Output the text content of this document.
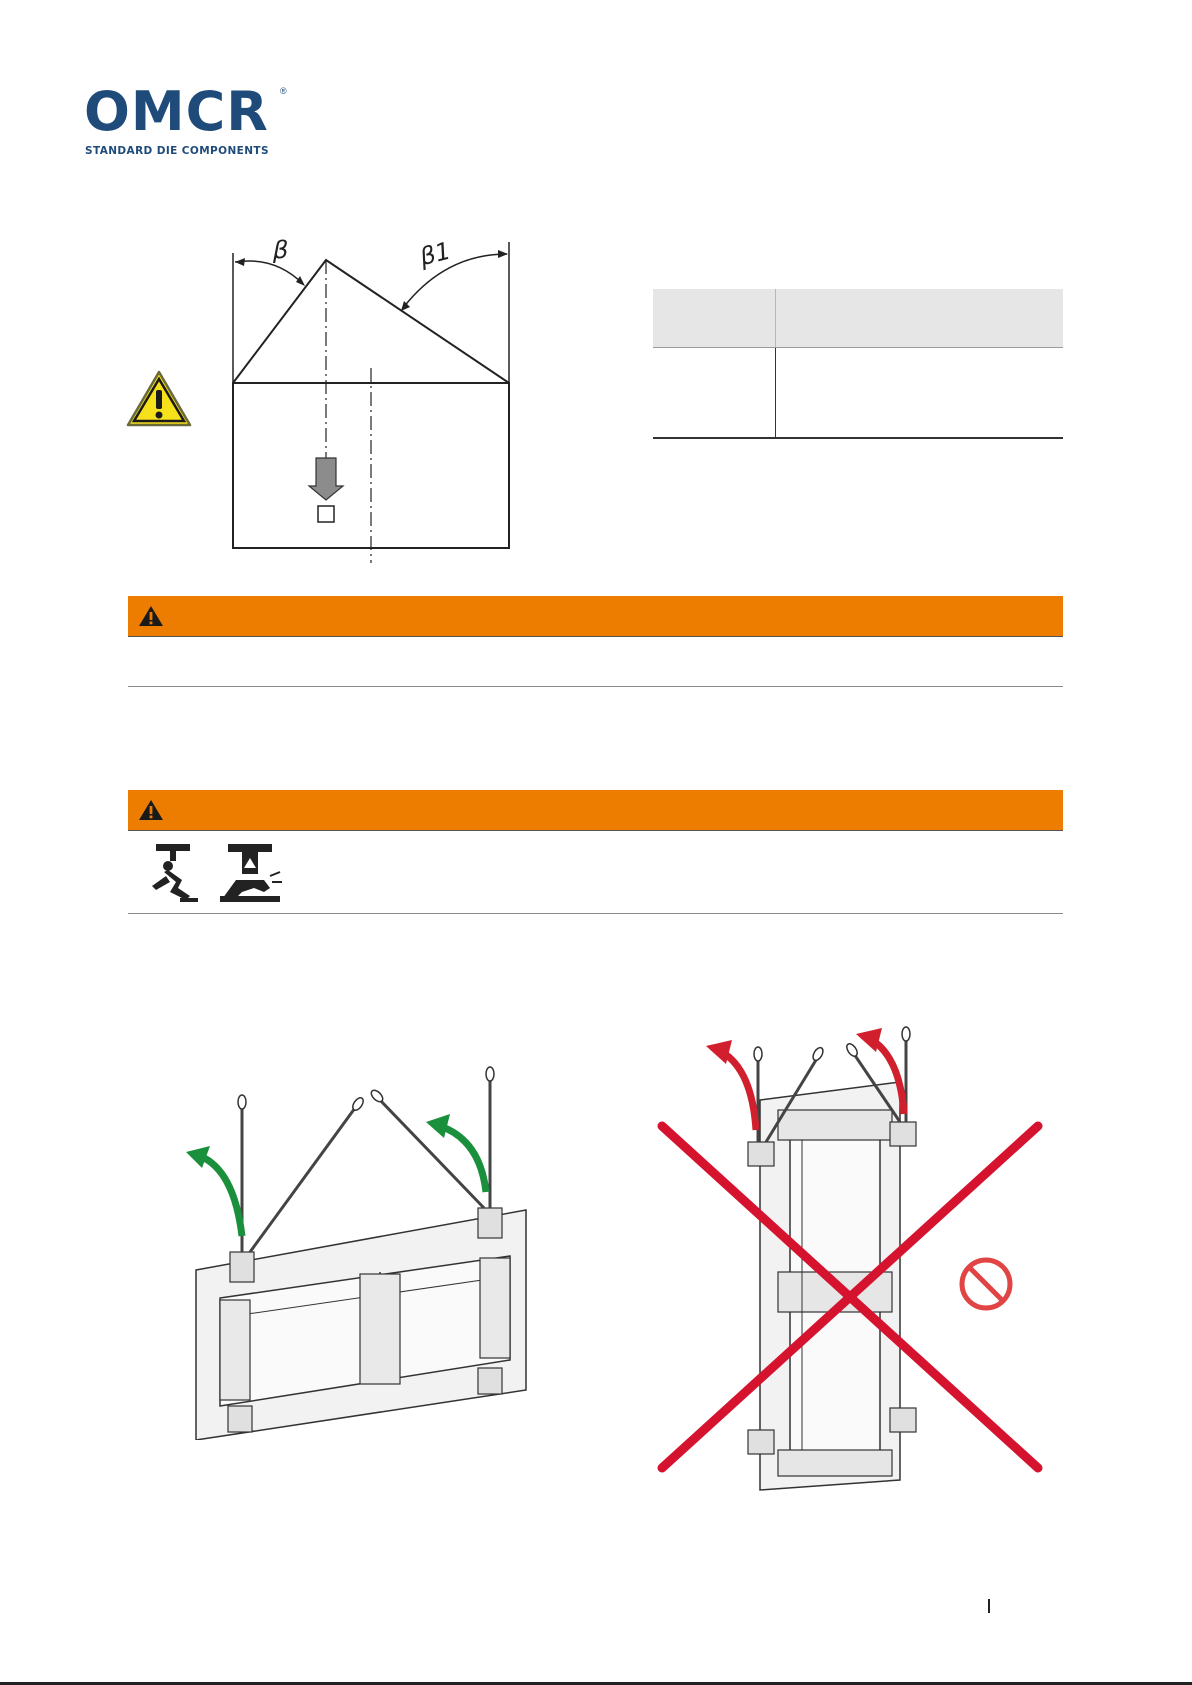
OMCR ®
STANDARD DIE COMPONENTS
β	β1
